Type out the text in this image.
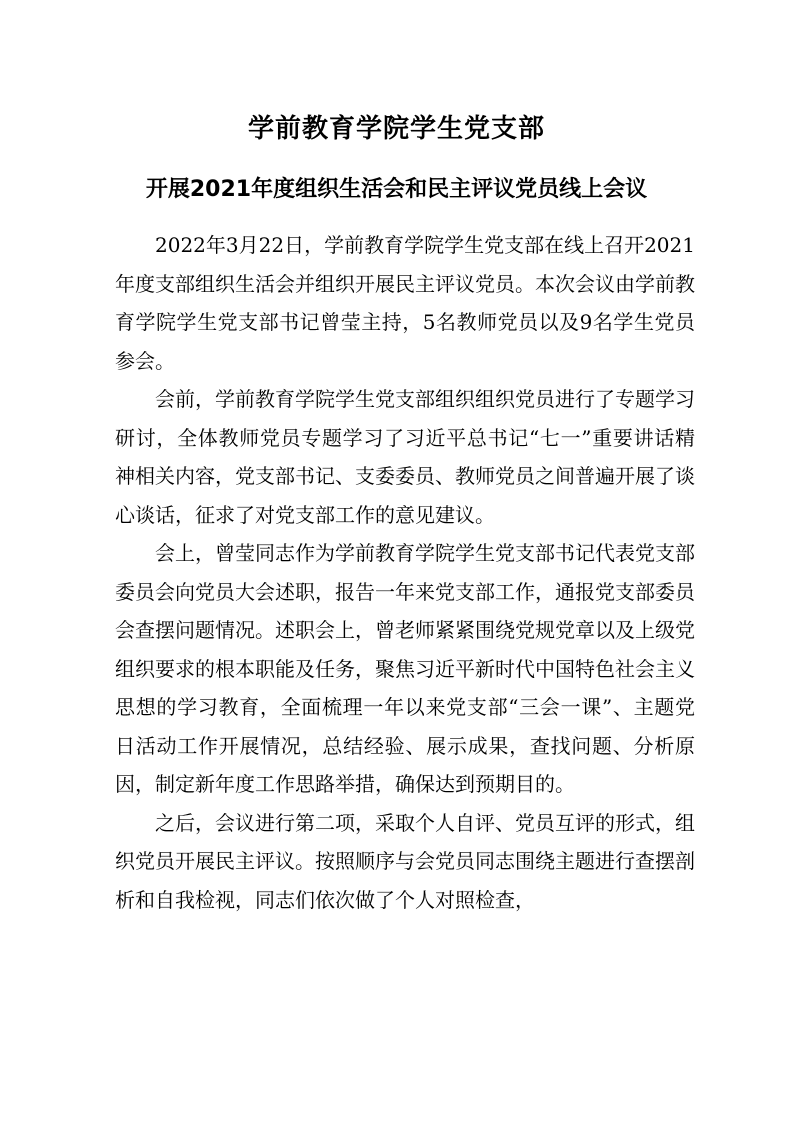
学前教育学院学生党支部
开展2021年度组织生活会和民主评议党员线上会议

2022年3月22日，学前教育学院学生党支部在线上召开2021年度支部组织生活会并组织开展民主评议党员。本次会议由学前教育学院学生党支部书记曾莹主持，5名教师党员以及9名学生党员参会。

会前，学前教育学院学生党支部组织组织党员进行了专题学习研讨，全体教师党员专题学习了习近平总书记“七一”重要讲话精神相关内容，党支部书记、支委委员、教师党员之间普遍开展了谈心谈话，征求了对党支部工作的意见建议。

会上，曾莹同志作为学前教育学院学生党支部书记代表党支部委员会向党员大会述职，报告一年来党支部工作，通报党支部委员会查摆问题情况。述职会上，曾老师紧紧围绕党规党章以及上级党组织要求的根本职能及任务，聚焦习近平新时代中国特色社会主义思想的学习教育，全面梳理一年以来党支部“三会一课”、主题党日活动工作开展情况，总结经验、展示成果，查找问题、分析原因，制定新年度工作思路举措，确保达到预期目的。

之后，会议进行第二项，采取个人自评、党员互评的形式，组织党员开展民主评议。按照顺序与会党员同志围绕主题进行查摆剖析和自我检视，同志们依次做了个人对照检查，
